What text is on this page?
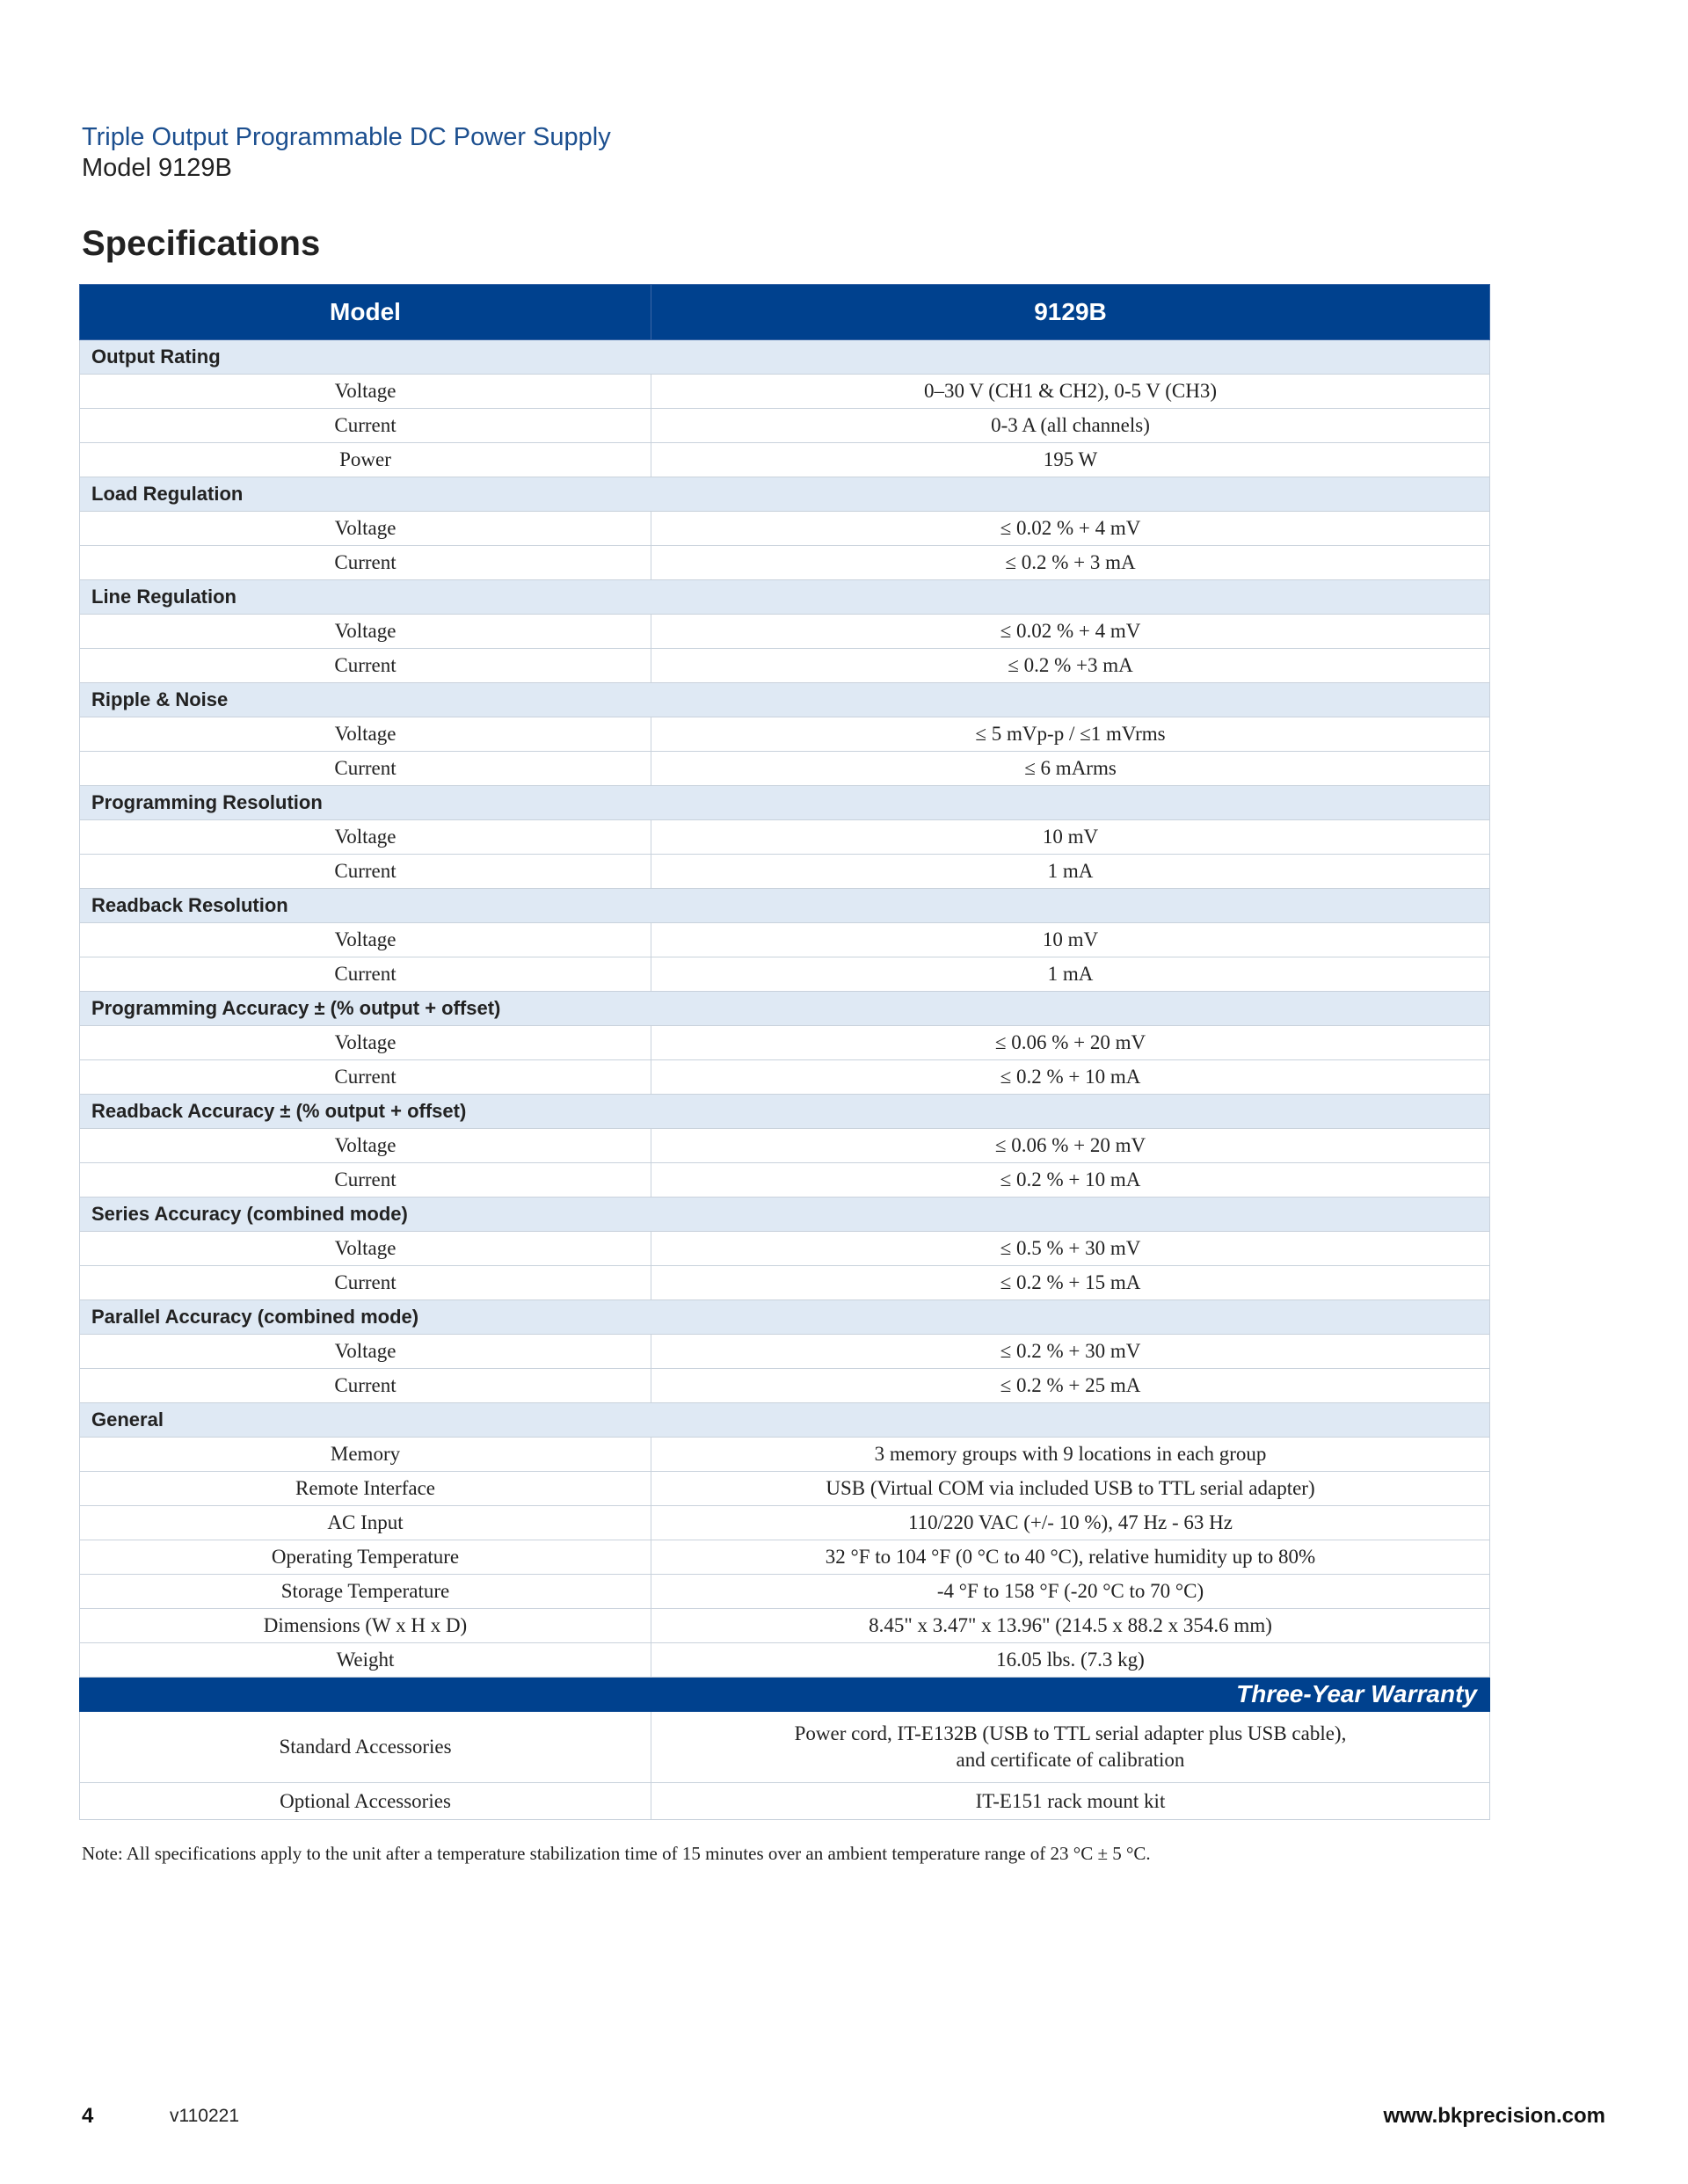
Triple Output Programmable DC Power Supply
Model 9129B
Specifications
Model	9129B
Output Rating	
Voltage	0–30 V (CH1 & CH2), 0-5 V (CH3)
Current	0-3 A (all channels)
Power	195 W
Load Regulation	
Voltage	≤ 0.02 % + 4 mV
Current	≤ 0.2 % + 3 mA
Line Regulation	
Voltage	≤ 0.02 % + 4 mV
Current	≤ 0.2 % +3 mA
Ripple & Noise	
Voltage	≤ 5 mVp-p / ≤1 mVrms
Current	≤ 6 mArms
Programming Resolution	
Voltage	10 mV
Current	1 mA
Readback Resolution	
Voltage	10 mV
Current	1 mA
Programming Accuracy ± (% output + offset)	
Voltage	≤ 0.06 % + 20 mV
Current	≤ 0.2 % + 10 mA
Readback Accuracy ± (% output + offset)	
Voltage	≤ 0.06 % + 20 mV
Current	≤ 0.2 % + 10 mA
Series Accuracy (combined mode)	
Voltage	≤ 0.5 % + 30 mV
Current	≤ 0.2 % + 15 mA
Parallel Accuracy (combined mode)	
Voltage	≤ 0.2 % + 30 mV
Current	≤ 0.2 % + 25 mA
General	
Memory	3 memory groups with 9 locations in each group
Remote Interface	USB (Virtual COM via included USB to TTL serial adapter)
AC Input	110/220 VAC (+/- 10 %), 47 Hz - 63 Hz
Operating Temperature	32 °F to 104 °F (0 °C to 40 °C), relative humidity up to 80%
Storage Temperature	-4 °F to 158 °F (-20 °C to 70 °C)
Dimensions (W x H x D)	8.45" x 3.47" x 13.96" (214.5 x 88.2 x 354.6 mm)
Weight	16.05 lbs. (7.3 kg)
Three-Year Warranty	
Standard Accessories	Power cord, IT-E132B (USB to TTL serial adapter plus USB cable),
and certificate of calibration

Optional Accessories	IT-E151 rack mount kit
Note: All specifications apply to the unit after a temperature stabilization time of 15 minutes over an ambient temperature range of 23 °C ± 5 °C.
4	v110221	www.bkprecision.com
